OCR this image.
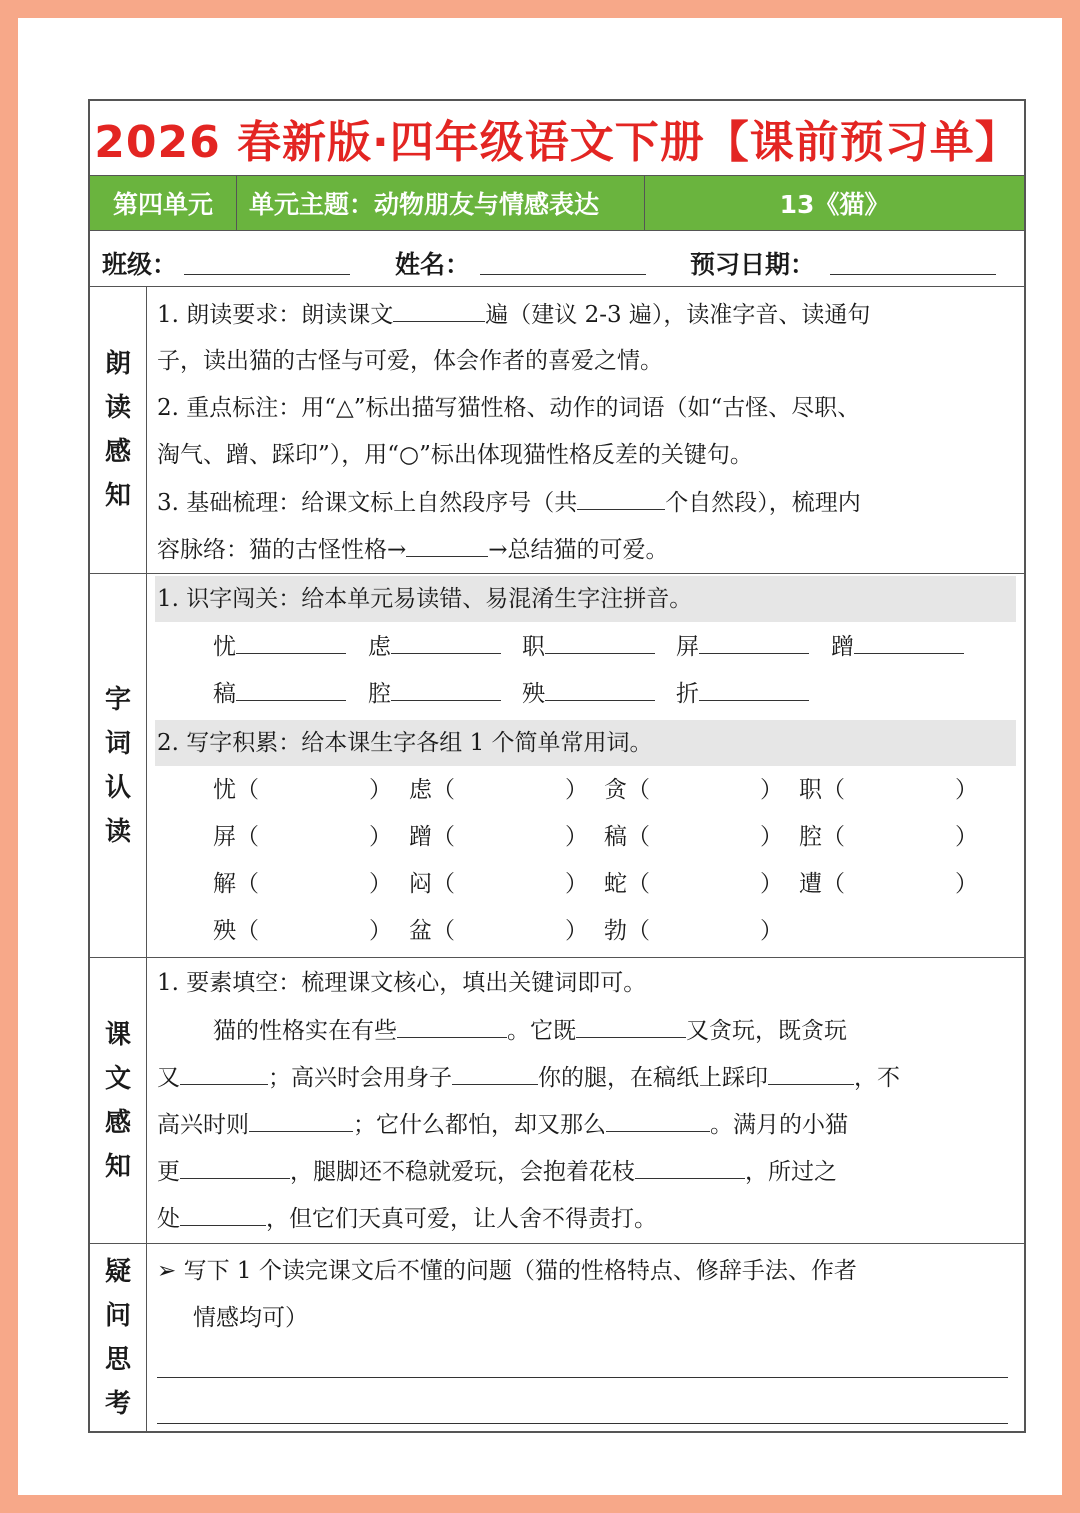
2026 春新版·四年级语文下册【课前预习单】
第四单元	单元主题：动物朋友与情感表达	13《猫》
班级：	姓名：	预习日期：
朗
读
感
知
1. 朗读要求：朗读课文	遍（建议 2-3 遍），读准字音、读通句
子，读出猫的古怪与可爱，体会作者的喜爱之情。
2. 重点标注：用“△”标出描写猫性格、动作的词语（如“古怪、尽职、
淘气、蹭、踩印”），用“○”标出体现猫性格反差的关键句。
3. 基础梳理：给课文标上自然段序号（共	个自然段），梳理内
容脉络：猫的古怪性格→	→总结猫的可爱。
字
词
认
读
1. 识字闯关：给本单元易读错、易混淆生字注拼音。
忧	虑	职	屏	蹭
稿	腔	殃	折
2. 写字积累：给本课生字各组 1 个简单常用词。
忧（	） 虑（	） 贪（	） 职（	）
屏（	） 蹭（	） 稿（	） 腔（	）
解（	） 闷（	） 蛇（	） 遭（	）
殃（	） 盆（	） 勃（	）
课
文
感
知
1. 要素填空：梳理课文核心，填出关键词即可。
猫的性格实在有些	。它既	又贪玩，既贪玩
又	；高兴时会用身子	你的腿，在稿纸上踩印	，不
高兴时则	；它什么都怕，却又那么	。满月的小猫
更	，腿脚还不稳就爱玩，会抱着花枝	，所过之
处	，但它们天真可爱，让人舍不得责打。
疑
问
思
考
➢ 写下 1 个读完课文后不懂的问题（猫的性格特点、修辞手法、作者
情感均可）
